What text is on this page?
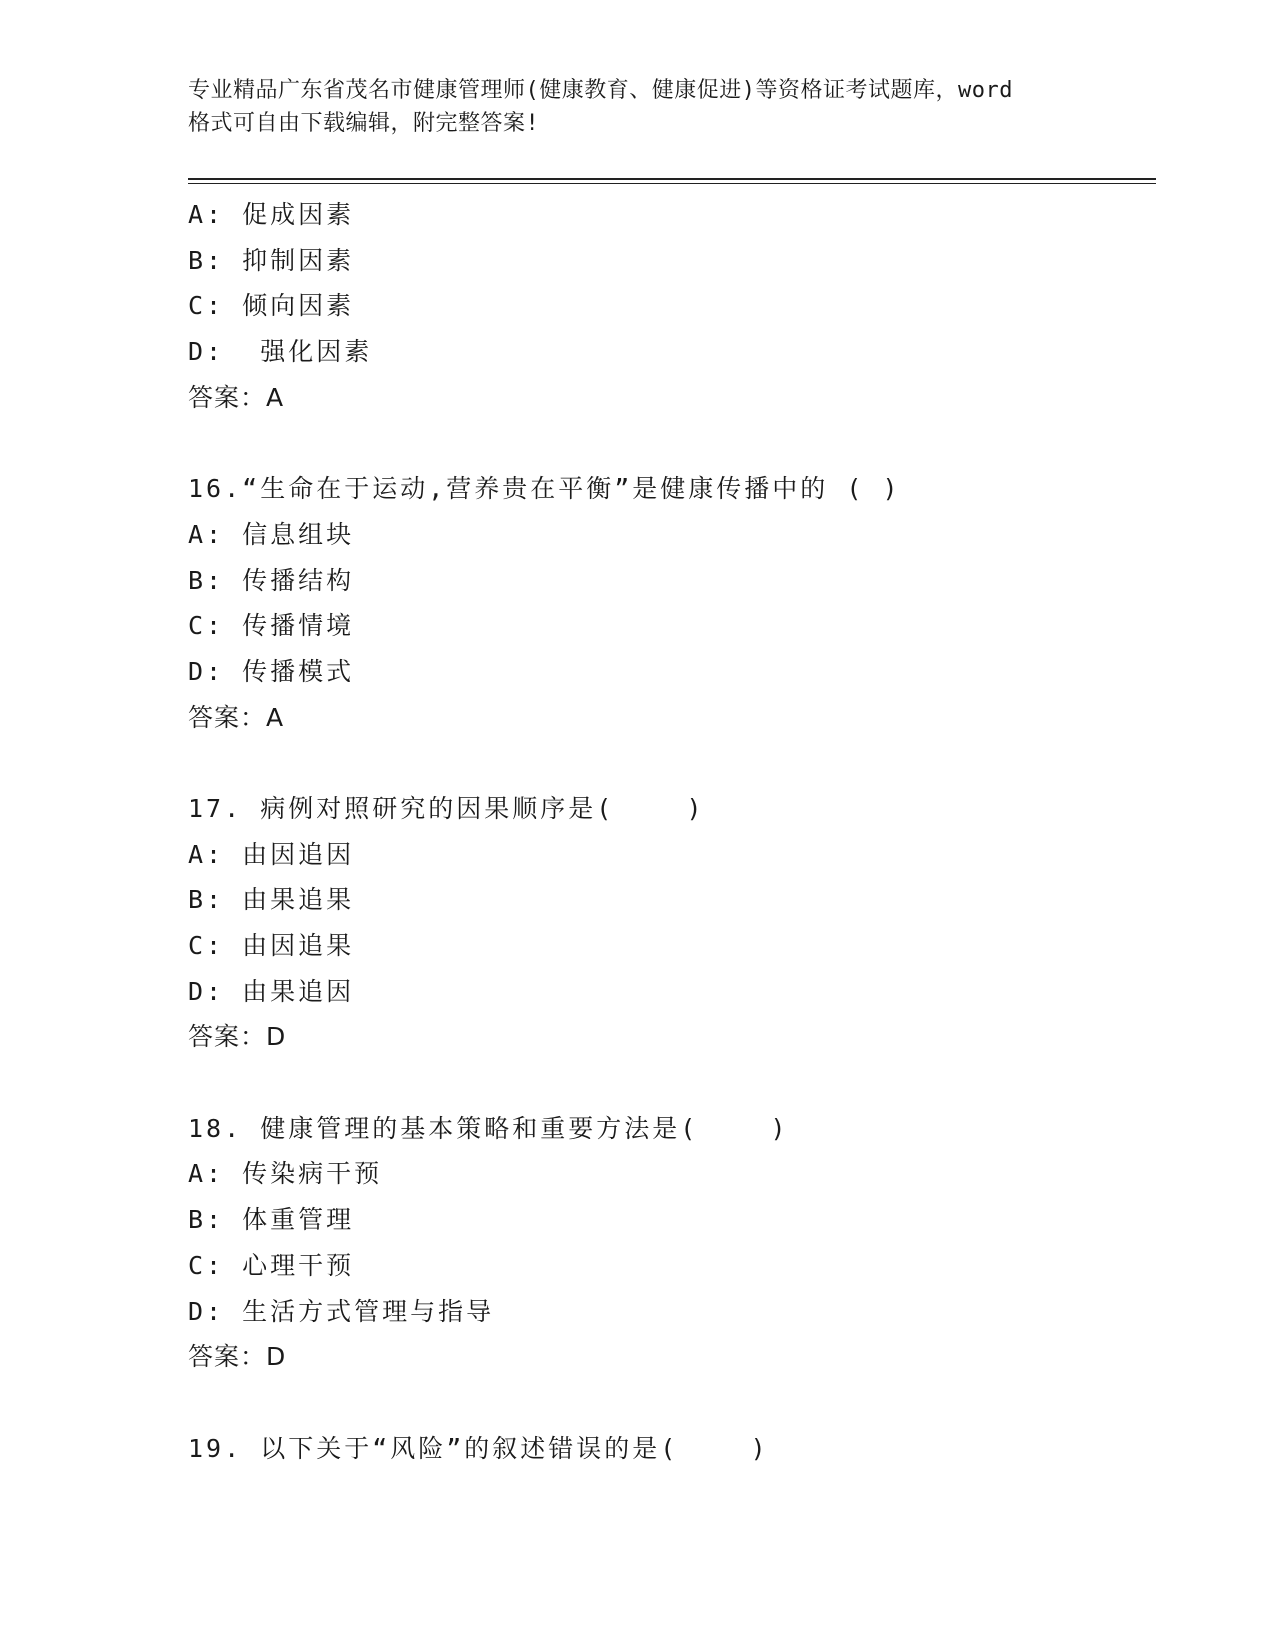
专业精品广东省茂名市健康管理师(健康教育、健康促进)等资格证考试题库，word
格式可自由下载编辑，附完整答案!
A: 促成因素
B: 抑制因素
C: 倾向因素
D:  强化因素
答案：A
16.“生命在于运动,营养贵在平衡”是健康传播中的 ( )
A: 信息组块
B: 传播结构
C: 传播情境
D: 传播模式
答案：A
17. 病例对照研究的因果顺序是(    )
A: 由因追因
B: 由果追果
C: 由因追果
D: 由果追因
答案：D
18. 健康管理的基本策略和重要方法是(    )
A: 传染病干预
B: 体重管理
C: 心理干预
D: 生活方式管理与指导
答案：D
19. 以下关于“风险”的叙述错误的是(    )
